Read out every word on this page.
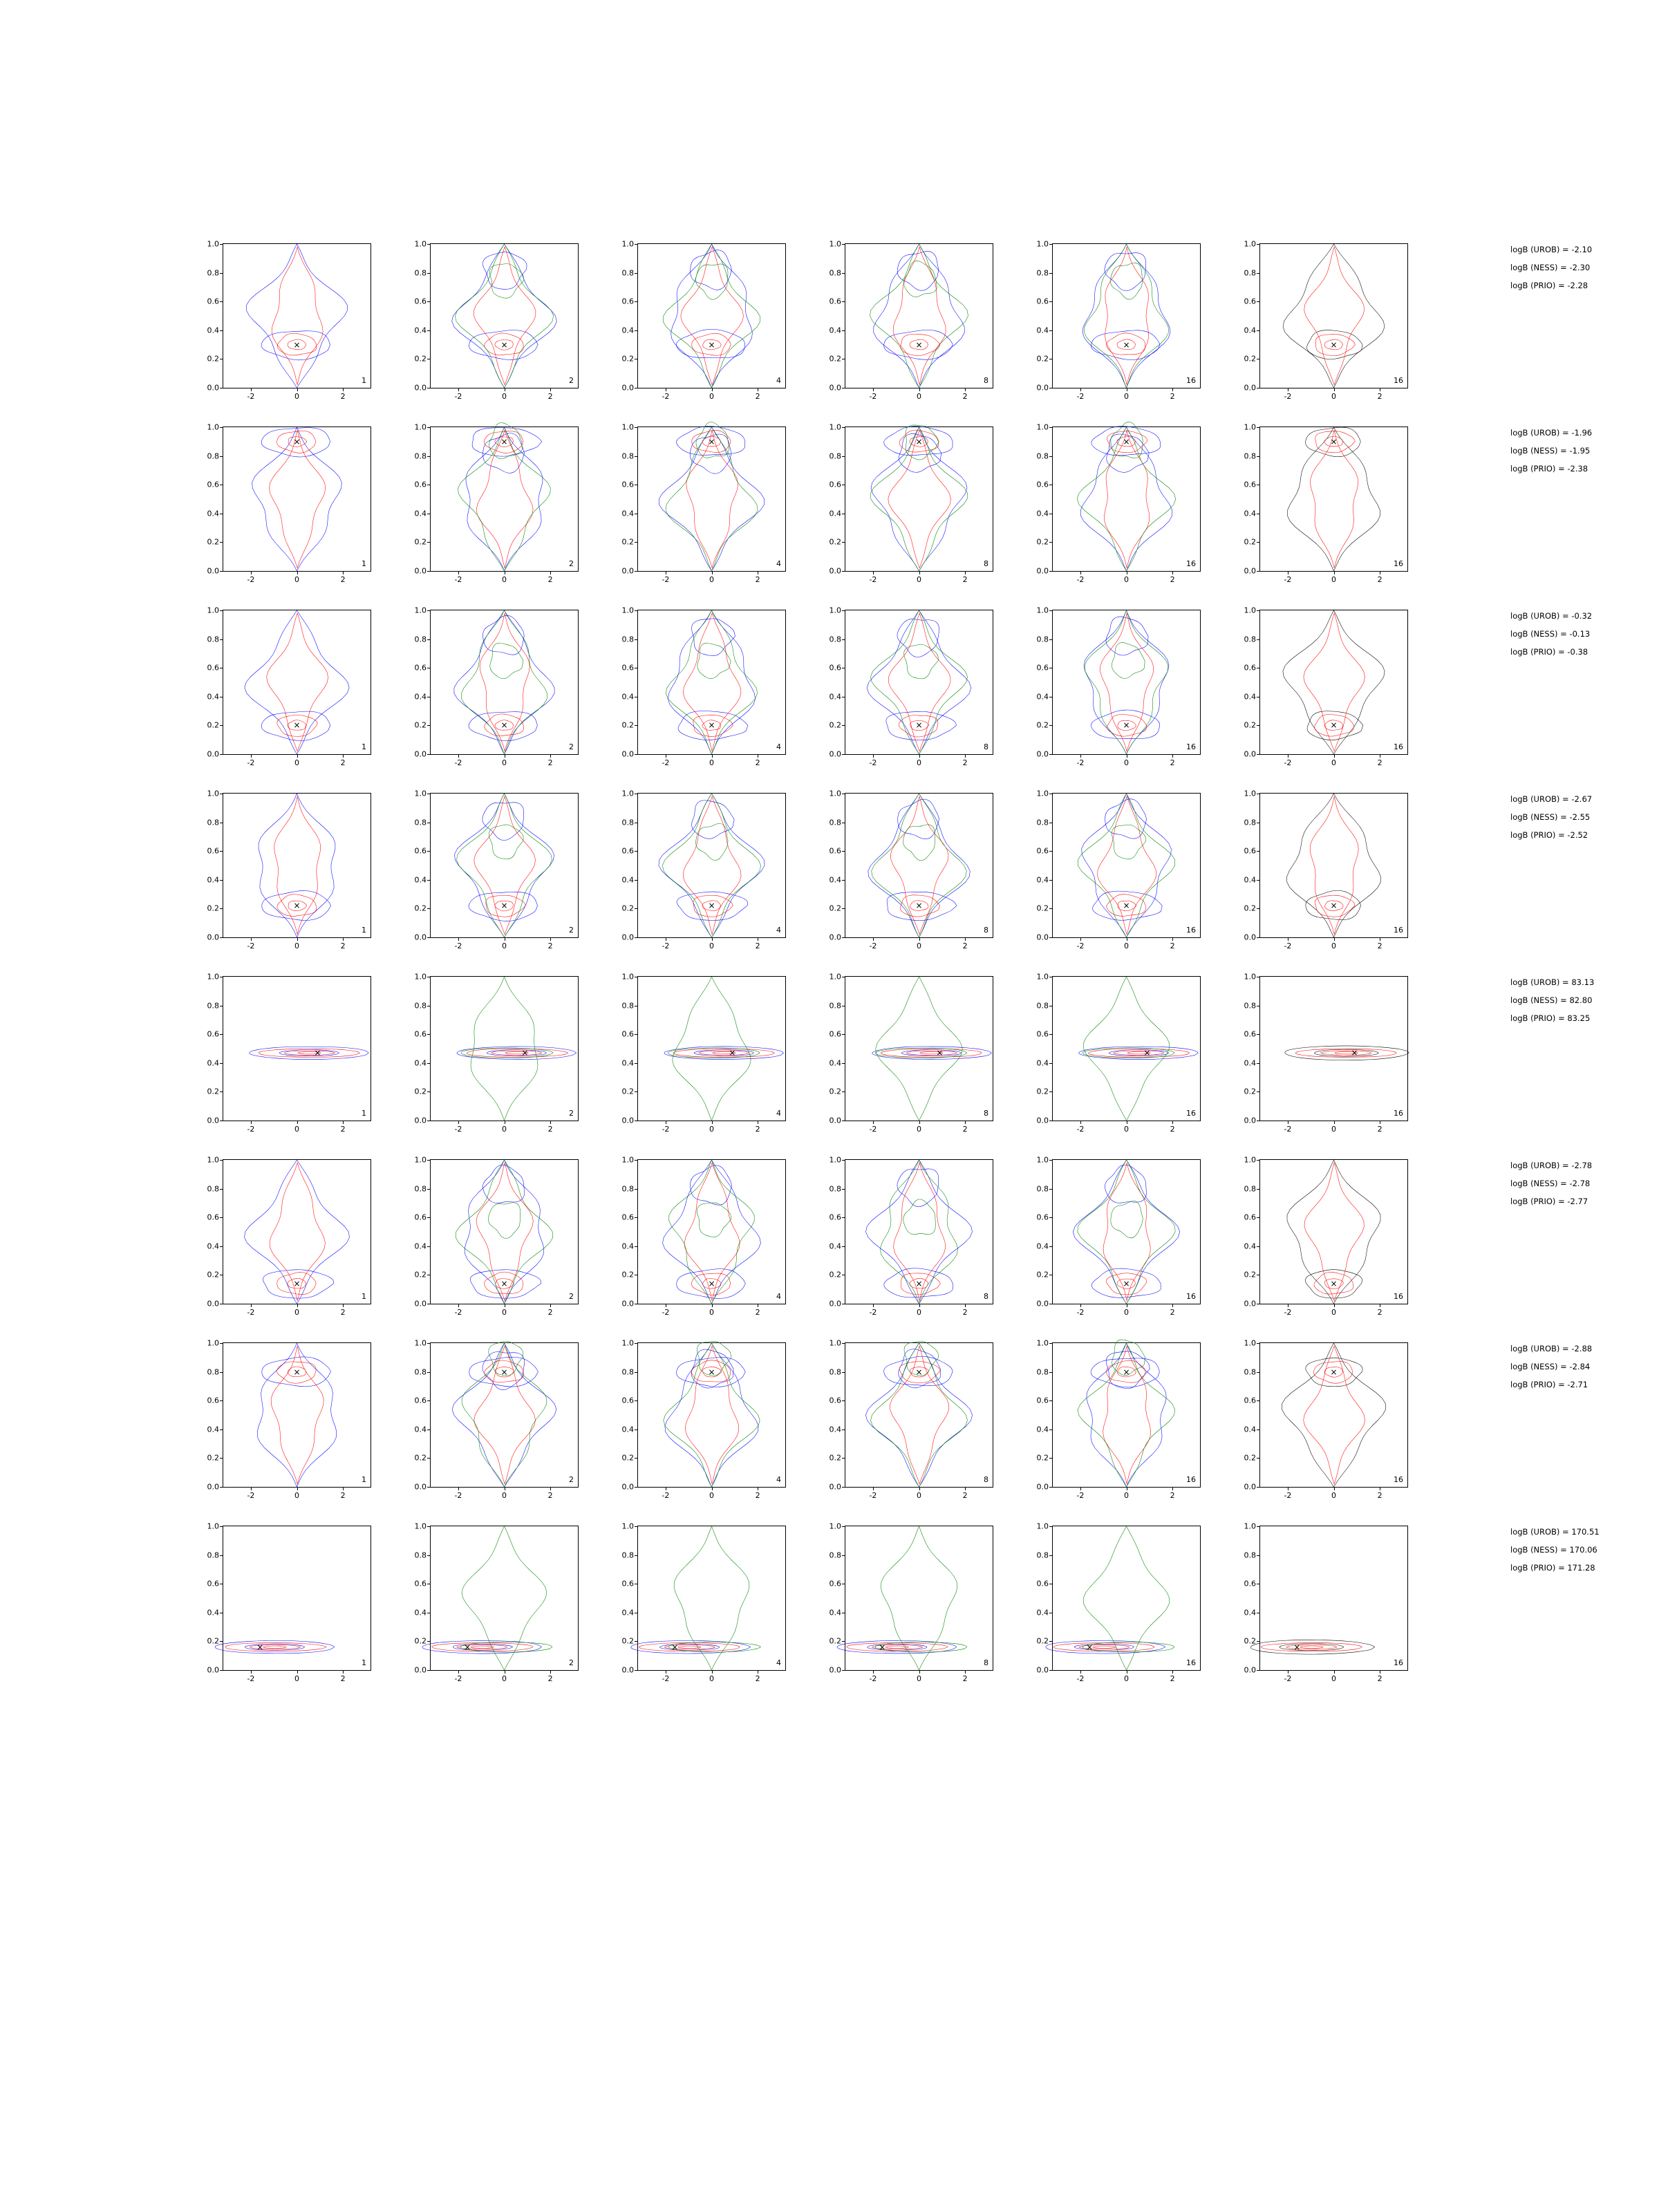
0.0
0.2
0.4
0.6
0.8
1.0
-2	0	2
×
1
0.0
0.2
0.4
0.6
0.8
1.0
-2	0	2
×
2
0.0
0.2
0.4
0.6
0.8
1.0
-2	0	2
×
4
0.0
0.2
0.4
0.6
0.8
1.0
-2	0	2
×
8
0.0
0.2
0.4
0.6
0.8
1.0
-2	0	2
×
16
0.0
0.2
0.4
0.6
0.8
1.0
-2	0	2
×
16
logB (UROB) = -2.10
logB (NESS) = -2.30
logB (PRIO) = -2.28
0.0
0.2
0.4
0.6
0.8
1.0
-2	0	2
×
1
0.0
0.2
0.4
0.6
0.8
1.0
-2	0	2
×
2
0.0
0.2
0.4
0.6
0.8
1.0
-2	0	2
×
4
0.0
0.2
0.4
0.6
0.8
1.0
-2	0	2
×
8
0.0
0.2
0.4
0.6
0.8
1.0
-2	0	2
×
16
0.0
0.2
0.4
0.6
0.8
1.0
-2	0	2
×
16
logB (UROB) = -1.96
logB (NESS) = -1.95
logB (PRIO) = -2.38
0.0
0.2
0.4
0.6
0.8
1.0
-2	0	2
×
1
0.0
0.2
0.4
0.6
0.8
1.0
-2	0	2
×
2
0.0
0.2
0.4
0.6
0.8
1.0
-2	0	2
×
4
0.0
0.2
0.4
0.6
0.8
1.0
-2	0	2
×
8
0.0
0.2
0.4
0.6
0.8
1.0
-2	0	2
×
16
0.0
0.2
0.4
0.6
0.8
1.0
-2	0	2
×
16
logB (UROB) = -0.32
logB (NESS) = -0.13
logB (PRIO) = -0.38
0.0
0.2
0.4
0.6
0.8
1.0
-2	0	2
×
1
0.0
0.2
0.4
0.6
0.8
1.0
-2	0	2
×
2
0.0
0.2
0.4
0.6
0.8
1.0
-2	0	2
×
4
0.0
0.2
0.4
0.6
0.8
1.0
-2	0	2
×
8
0.0
0.2
0.4
0.6
0.8
1.0
-2	0	2
×
16
0.0
0.2
0.4
0.6
0.8
1.0
-2	0	2
×
16
logB (UROB) = -2.67
logB (NESS) = -2.55
logB (PRIO) = -2.52
0.0
0.2
0.4
0.6
0.8
1.0
-2	0	2
×
1
0.0
0.2
0.4
0.6
0.8
1.0
-2	0	2
×
2
0.0
0.2
0.4
0.6
0.8
1.0
-2	0	2
×
4
0.0
0.2
0.4
0.6
0.8
1.0
-2	0	2
×
8
0.0
0.2
0.4
0.6
0.8
1.0
-2	0	2
×
16
0.0
0.2
0.4
0.6
0.8
1.0
-2	0	2
×
16
logB (UROB) = 83.13
logB (NESS) = 82.80
logB (PRIO) = 83.25
0.0
0.2
0.4
0.6
0.8
1.0
-2	0	2
×
1
0.0
0.2
0.4
0.6
0.8
1.0
-2	0	2
×
2
0.0
0.2
0.4
0.6
0.8
1.0
-2	0	2
×
4
0.0
0.2
0.4
0.6
0.8
1.0
-2	0	2
×
8
0.0
0.2
0.4
0.6
0.8
1.0
-2	0	2
×
16
0.0
0.2
0.4
0.6
0.8
1.0
-2	0	2
×
16
logB (UROB) = -2.78
logB (NESS) = -2.78
logB (PRIO) = -2.77
0.0
0.2
0.4
0.6
0.8
1.0
-2	0	2
×
1
0.0
0.2
0.4
0.6
0.8
1.0
-2	0	2
×
2
0.0
0.2
0.4
0.6
0.8
1.0
-2	0	2
×
4
0.0
0.2
0.4
0.6
0.8
1.0
-2	0	2
×
8
0.0
0.2
0.4
0.6
0.8
1.0
-2	0	2
×
16
0.0
0.2
0.4
0.6
0.8
1.0
-2	0	2
×
16
logB (UROB) = -2.88
logB (NESS) = -2.84
logB (PRIO) = -2.71
0.0
0.2
0.4
0.6
0.8
1.0
-2	0	2
×
1
0.0
0.2
0.4
0.6
0.8
1.0
-2	0	2
×
2
0.0
0.2
0.4
0.6
0.8
1.0
-2	0	2
×
4
0.0
0.2
0.4
0.6
0.8
1.0
-2	0	2
×
8
0.0
0.2
0.4
0.6
0.8
1.0
-2	0	2
×
16
0.0
0.2
0.4
0.6
0.8
1.0
-2	0	2
×
16
logB (UROB) = 170.51
logB (NESS) = 170.06
logB (PRIO) = 171.28
